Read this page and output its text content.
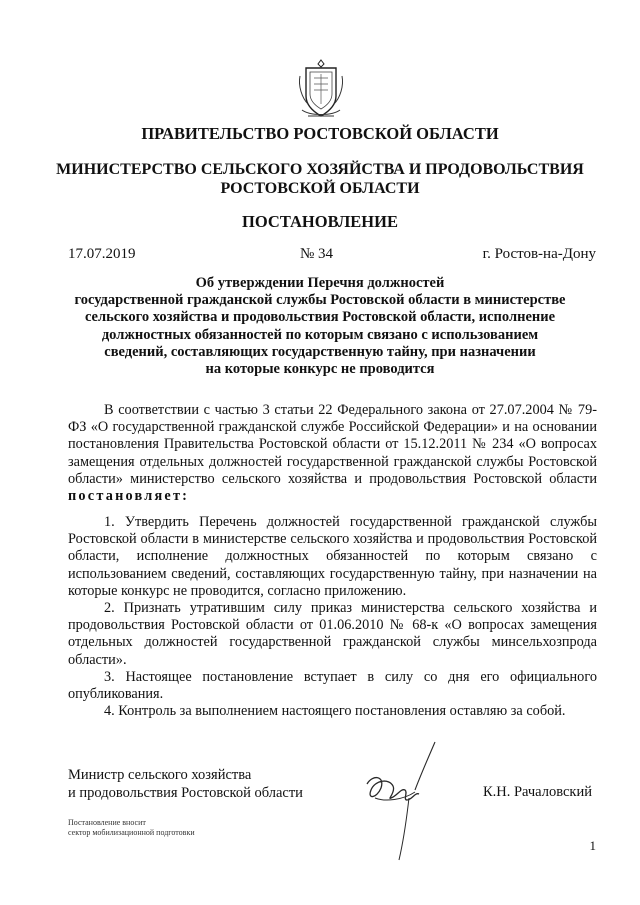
ПРАВИТЕЛЬСТВО РОСТОВСКОЙ ОБЛАСТИ
МИНИСТЕРСТВО СЕЛЬСКОГО ХОЗЯЙСТВА И ПРОДОВОЛЬСТВИЯ
РОСТОВСКОЙ ОБЛАСТИ
ПОСТАНОВЛЕНИЕ
17.07.2019	№ 34	г. Ростов-на-Дону
Об утверждении Перечня должностей
государственной гражданской службы Ростовской области в министерстве
сельского хозяйства и продовольствия Ростовской области, исполнение
должностных обязанностей по которым связано с использованием
сведений, составляющих государственную тайну, при назначении
на которые конкурс не проводится
В соответствии с частью 3 статьи 22 Федерального закона от 27.07.2004 № 79-ФЗ «О государственной гражданской службе Российской Федерации» и на основании постановления Правительства Ростовской области от 15.12.2011 № 234 «О вопросах замещения отдельных должностей государственной гражданской службы Ростовской области» министерство сельского хозяйства и продовольствия Ростовской области постановляет:

1. Утвердить Перечень должностей государственной гражданской службы Ростовской области в министерстве сельского хозяйства и продовольствия Ростовской области, исполнение должностных обязанностей по которым связано с использованием сведений, составляющих государственную тайну, при назначении на которые конкурс не проводится, согласно приложению.

2. Признать утратившим силу приказ министерства сельского хозяйства и продовольствия Ростовской области от 01.06.2010 № 68-к «О вопросах замещения отдельных должностей государственной гражданской службы минсельхозпрода области».

3. Настоящее постановление вступает в силу со дня его официального опубликования.

4. Контроль за выполнением настоящего постановления оставляю за собой.

Министр сельского хозяйства
и продовольствия Ростовской области	К.Н. Рачаловский
Постановление вносит
сектор мобилизационной подготовки
1
